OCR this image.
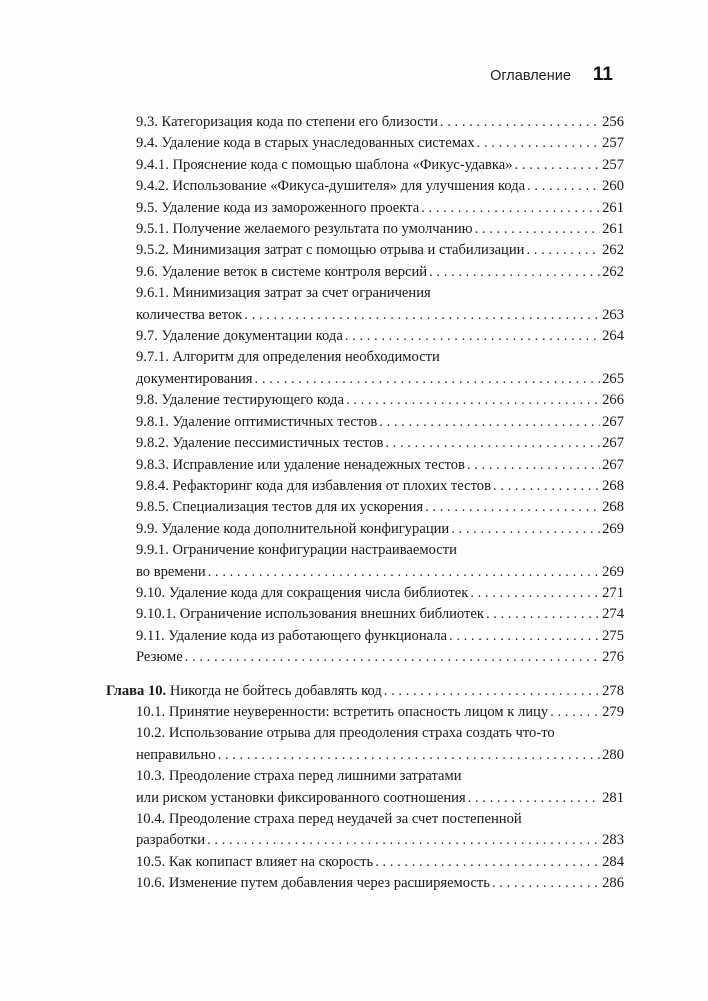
Оглавление 11
9.3. Категоризация кода по степени его близости . . .	256
9.4. Удаление кода в старых унаследованных системах . . .	257
9.4.1. Прояснение кода с помощью шаблона «Фикус-удавка» . . .	257
9.4.2. Использование «Фикуса-душителя» для улучшения кода . . .	260
9.5. Удаление кода из замороженного проекта . . .	261
9.5.1. Получение желаемого результата по умолчанию . . .	261
9.5.2. Минимизация затрат с помощью отрыва и стабилизации . . .	262
9.6. Удаление веток в системе контроля версий . . .	262
9.6.1. Минимизация затрат за счет ограничения
количества веток . . .	263
9.7. Удаление документации кода . . .	264
9.7.1. Алгоритм для определения необходимости
документирования . . .	265
9.8. Удаление тестирующего кода . . .	266
9.8.1. Удаление оптимистичных тестов . . .	267
9.8.2. Удаление пессимистичных тестов . . .	267
9.8.3. Исправление или удаление ненадежных тестов . . .	267
9.8.4. Рефакторинг кода для избавления от плохих тестов . . .	268
9.8.5. Специализация тестов для их ускорения . . .	268
9.9. Удаление кода дополнительной конфигурации . . .	269
9.9.1. Ограничение конфигурации настраиваемости
во времени . . .	269
9.10. Удаление кода для сокращения числа библиотек . . .	271
9.10.1. Ограничение использования внешних библиотек . . .	274
9.11. Удаление кода из работающего функционала . . .	275
Резюме . . .	276
Глава 10.
Никогда не бойтесь добавлять код . . .	278
10.1. Принятие неуверенности: встретить опасность лицом к лицу . . .	279
10.2. Использование отрыва для преодоления страха создать что-то
неправильно . . .	280
10.3. Преодоление страха перед лишними затратами
или риском установки фиксированного соотношения . . .	281
10.4. Преодоление страха перед неудачей за счет постепенной
разработки . . .	283
10.5. Как копипаст влияет на скорость . . .	284
10.6. Изменение путем добавления через расширяемость . . .	286
